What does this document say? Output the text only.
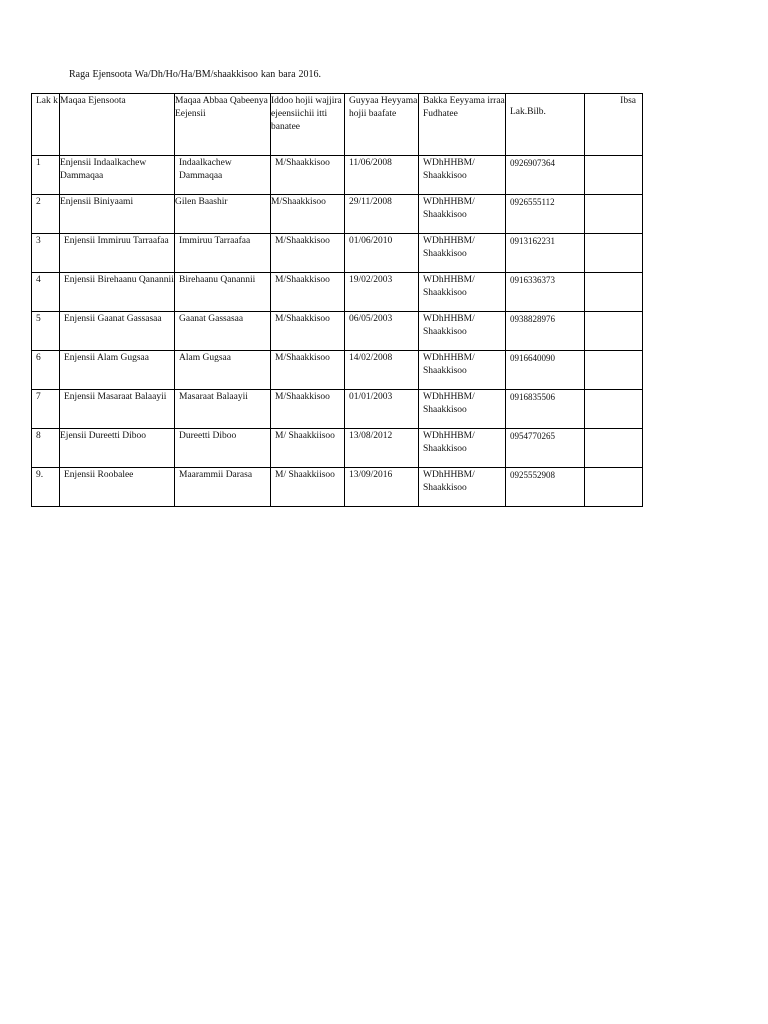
Raga Ejensoota Wa/Dh/Ho/Ha/BM/shaakkisoo kan bara 2016.
Lak k	Maqaa Ejensoota	Maqaa Abbaa Qabeenya Eejensii	Iddoo hojii wajjira ejeensiichii itti banatee	Guyyaa Heyyama hojii baafate	Bakka Eeyyama irraa Fudhatee	Lak.Bilb.	Ibsa

1	Enjensii Indaalkachew Dammaqaa	Indaalkachew Dammaqaa	M/Shaakkisoo	11/06/2008	WDhHHBM/ Shaakkisoo	0926907364	

2	Enjensii Biniyaami	Gilen Baashir	M/Shaakkisoo	29/11/2008	WDhHHBM/ Shaakkisoo	0926555112	

3	Enjensii Immiruu Tarraafaa	Immiruu Tarraafaa	M/Shaakkisoo	01/06/2010	WDhHHBM/ Shaakkisoo	0913162231	

4	Enjensii Birehaanu Qanannii	Birehaanu Qanannii	M/Shaakkisoo	19/02/2003	WDhHHBM/ Shaakkisoo	0916336373	

5	Enjensii Gaanat Gassasaa	Gaanat Gassasaa	M/Shaakkisoo	06/05/2003	WDhHHBM/ Shaakkisoo	0938828976	

6	Enjensii Alam Gugsaa	Alam Gugsaa	M/Shaakkisoo	14/02/2008	WDhHHBM/ Shaakkisoo	0916640090	

7	Enjensii Masaraat Balaayii	Masaraat Balaayii	M/Shaakkisoo	01/01/2003	WDhHHBM/ Shaakkisoo	0916835506	

8	Ejensii Dureetti Diboo	Dureetti Diboo	M/ Shaakkiisoo	13/08/2012	WDhHHBM/ Shaakkisoo	0954770265	

9.	Enjensii Roobalee	Maarammii Darasa	M/ Shaakkiisoo	13/09/2016	WDhHHBM/ Shaakkisoo	0925552908	
